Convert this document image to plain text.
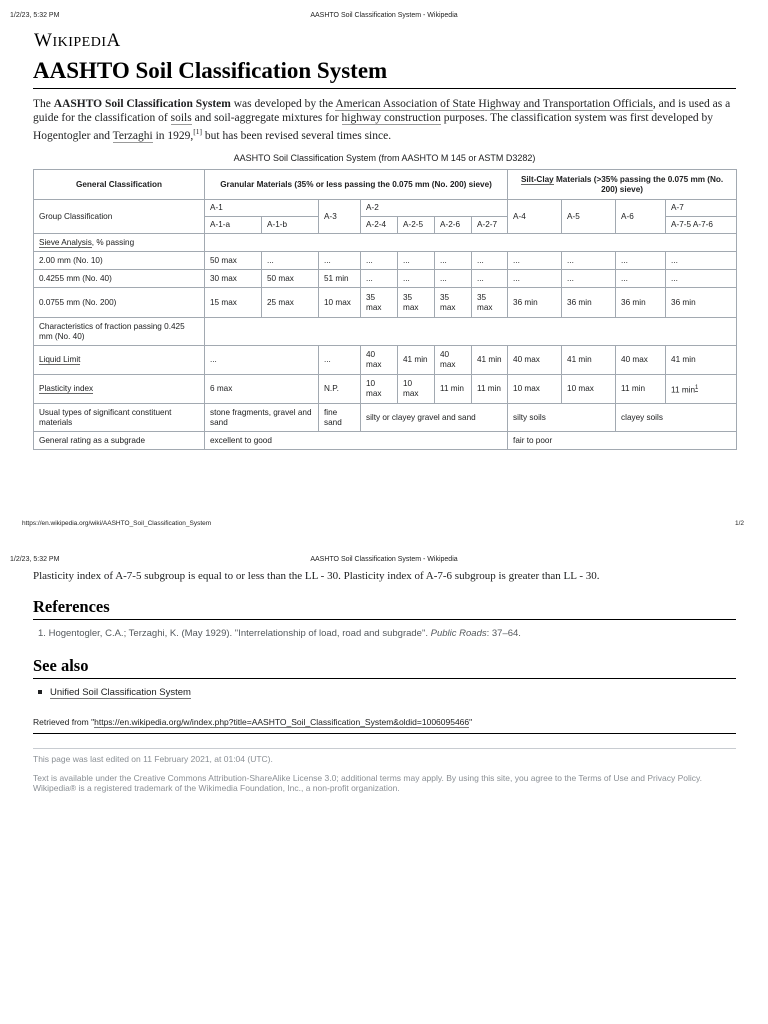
1/2/23, 5:32 PM	AASHTO Soil Classification System - Wikipedia
WIKIPEDIA
AASHTO Soil Classification System

The AASHTO Soil Classification System was developed by the American Association of State Highway and Transportation Officials, and is used as a guide for the classification of soils and soil-aggregate mixtures for highway construction purposes. The classification system was first developed by Hogentogler and Terzaghi in 1929,[1] but has been revised several times since.

AASHTO Soil Classification System (from AASHTO M 145 or ASTM D3282)
General Classification	Granular Materials (35% or less passing the 0.075 mm (No. 200) sieve)							Silt-Clay Materials (>35% passing the 0.075 mm (No. 200) sieve)			
Group Classification	A-1		A-3	A-2				A-4	A-5	A-6	A-7
	A-1-a	A-1-b		A-2-4	A-2-5	A-2-6	A-2-7				A-7-5 A-7-6
Sieve Analysis, % passing											
2.00 mm (No. 10)	50 max	...	...	...	...	...	...	...	...	...	...
0.4255 mm (No. 40)	30 max	50 max	51 min	...	...	...	...	...	...	...	...
0.0755 mm (No. 200)	15 max	25 max	10 max	35 max	35 max	35 max	35 max	36 min	36 min	36 min	36 min
Characteristics of fraction passing 0.425 mm (No. 40)											
Liquid Limit	...		...	40 max	41 min	40 max	41 min	40 max	41 min	40 max	41 min
Plasticity index	6 max		N.P.	10 max	10 max	11 min	11 min	10 max	10 max	11 min	11 $\min^1$
Usual types of significant constituent materials	stone fragments, gravel and sand		fine sand	silty or clayey gravel and sand				silty soils		clayey soils	
General rating as a subgrade	excellent to good							fair to poor			
https://en.wikipedia.org/wiki/AASHTO_Soil_Classification_System	1/2
1/2/23, 5:32 PM	AASHTO Soil Classification System - Wikipedia
Plasticity index of A-7-5 subgroup is equal to or less than the LL - 30. Plasticity index of A-7-6 subgroup is greater than LL - 30.
References
1. Hogentogler, C.A.; Terzaghi, K. (May 1929). "Interrelationship of load, road and subgrade". Public Roads: 37–64.
See also
Unified Soil Classification System
Retrieved from "https://en.wikipedia.org/w/index.php?title=AASHTO_Soil_Classification_System&oldid=1006095466"
This page was last edited on 11 February 2021, at 01:04 (UTC).
Text is available under the Creative Commons Attribution-ShareAlike License 3.0; additional terms may apply. By using this site, you agree to the Terms of Use and Privacy Policy. Wikipedia® is a registered trademark of the Wikimedia Foundation, Inc., a non-profit organization.
